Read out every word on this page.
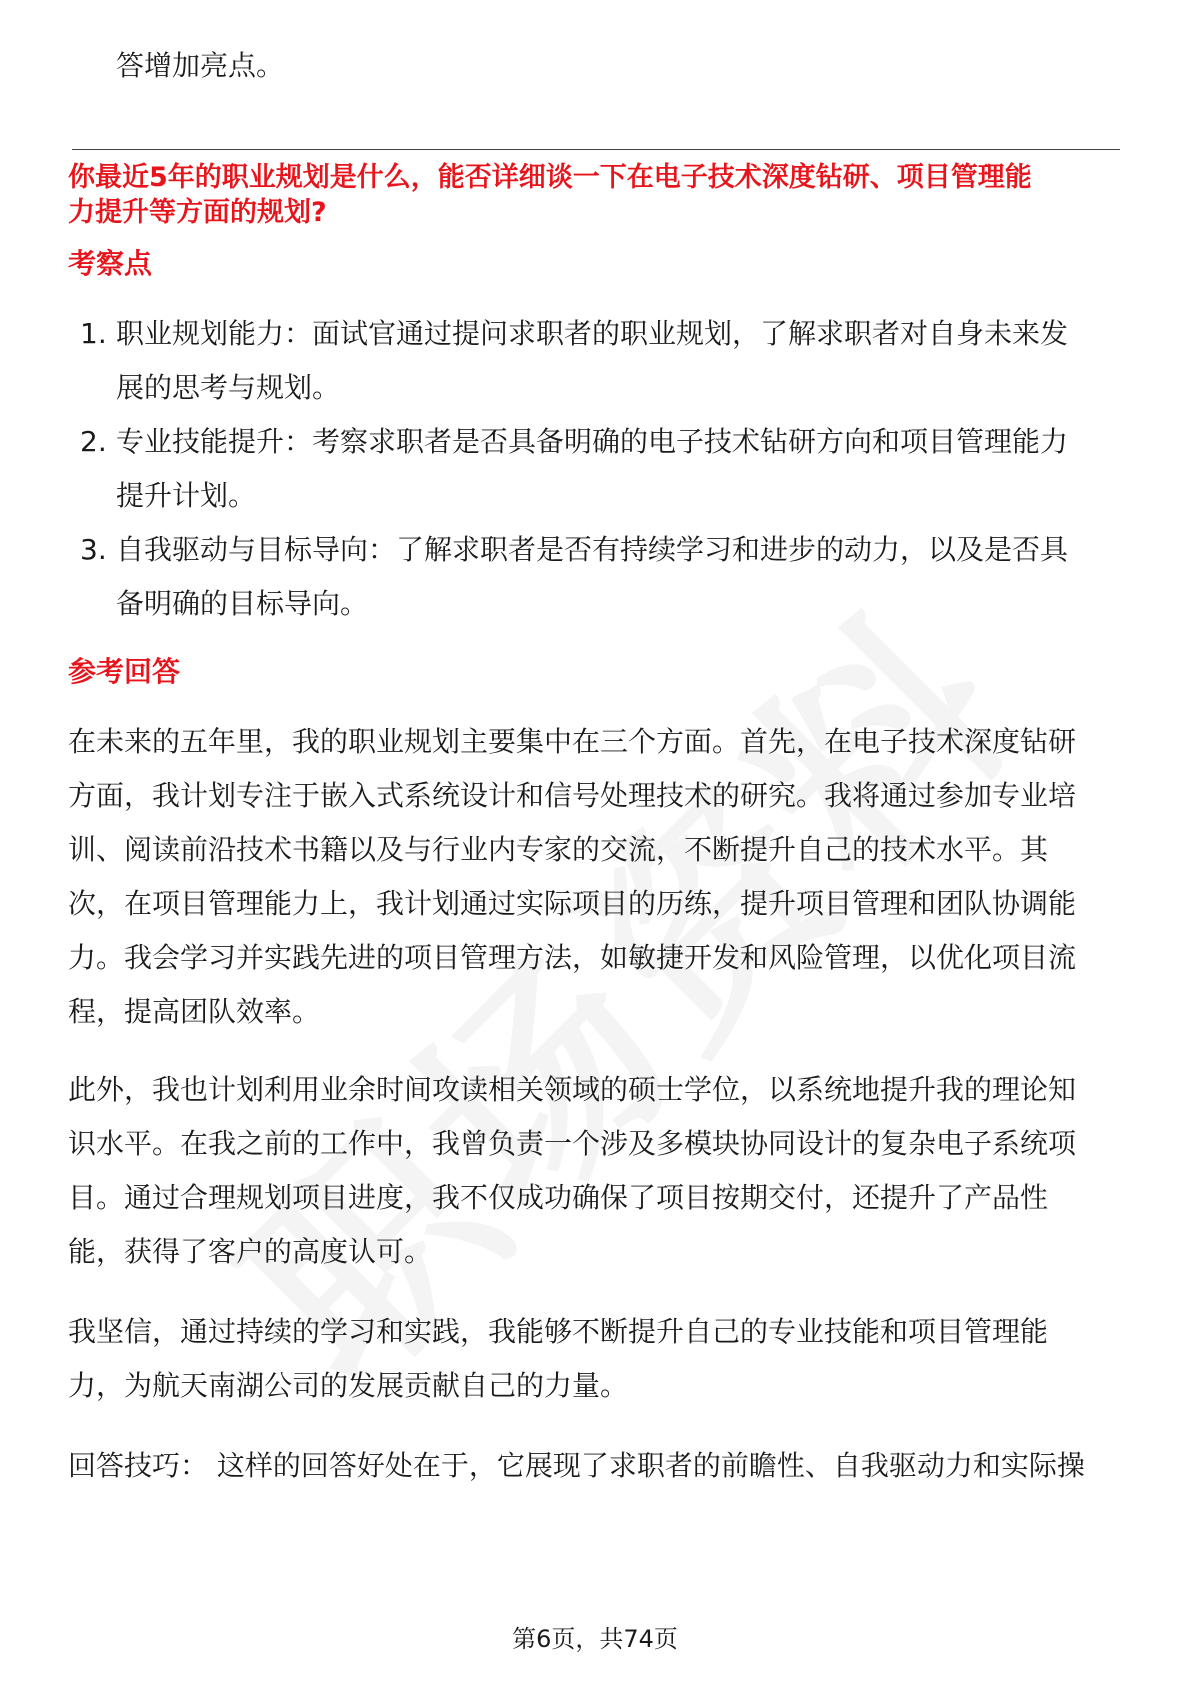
答增加亮点。
你最近5年的职业规划是什么，能否详细谈一下在电子技术深度钻研、项目管理能
力提升等方面的规划?
考察点
1. 职业规划能力：面试官通过提问求职者的职业规划，了解求职者对自身未来发
展的思考与规划。
2. 专业技能提升：考察求职者是否具备明确的电子技术钻研方向和项目管理能力
提升计划。
3. 自我驱动与目标导向：了解求职者是否有持续学习和进步的动力，以及是否具
备明确的目标导向。
参考回答
在未来的五年里，我的职业规划主要集中在三个方面。首先，在电子技术深度钻研
方面，我计划专注于嵌入式系统设计和信号处理技术的研究。我将通过参加专业培
训、阅读前沿技术书籍以及与行业内专家的交流，不断提升自己的技术水平。其
次，在项目管理能力上，我计划通过实际项目的历练，提升项目管理和团队协调能
力。我会学习并实践先进的项目管理方法，如敏捷开发和风险管理，以优化项目流
程，提高团队效率。
此外，我也计划利用业余时间攻读相关领域的硕士学位，以系统地提升我的理论知
识水平。在我之前的工作中，我曾负责一个涉及多模块协同设计的复杂电子系统项
目。通过合理规划项目进度，我不仅成功确保了项目按期交付，还提升了产品性
能，获得了客户的高度认可。
我坚信，通过持续的学习和实践，我能够不断提升自己的专业技能和项目管理能
力，为航天南湖公司的发展贡献自己的力量。
回答技巧： 这样的回答好处在于，它展现了求职者的前瞻性、自我驱动力和实际操
第6页，共74页
